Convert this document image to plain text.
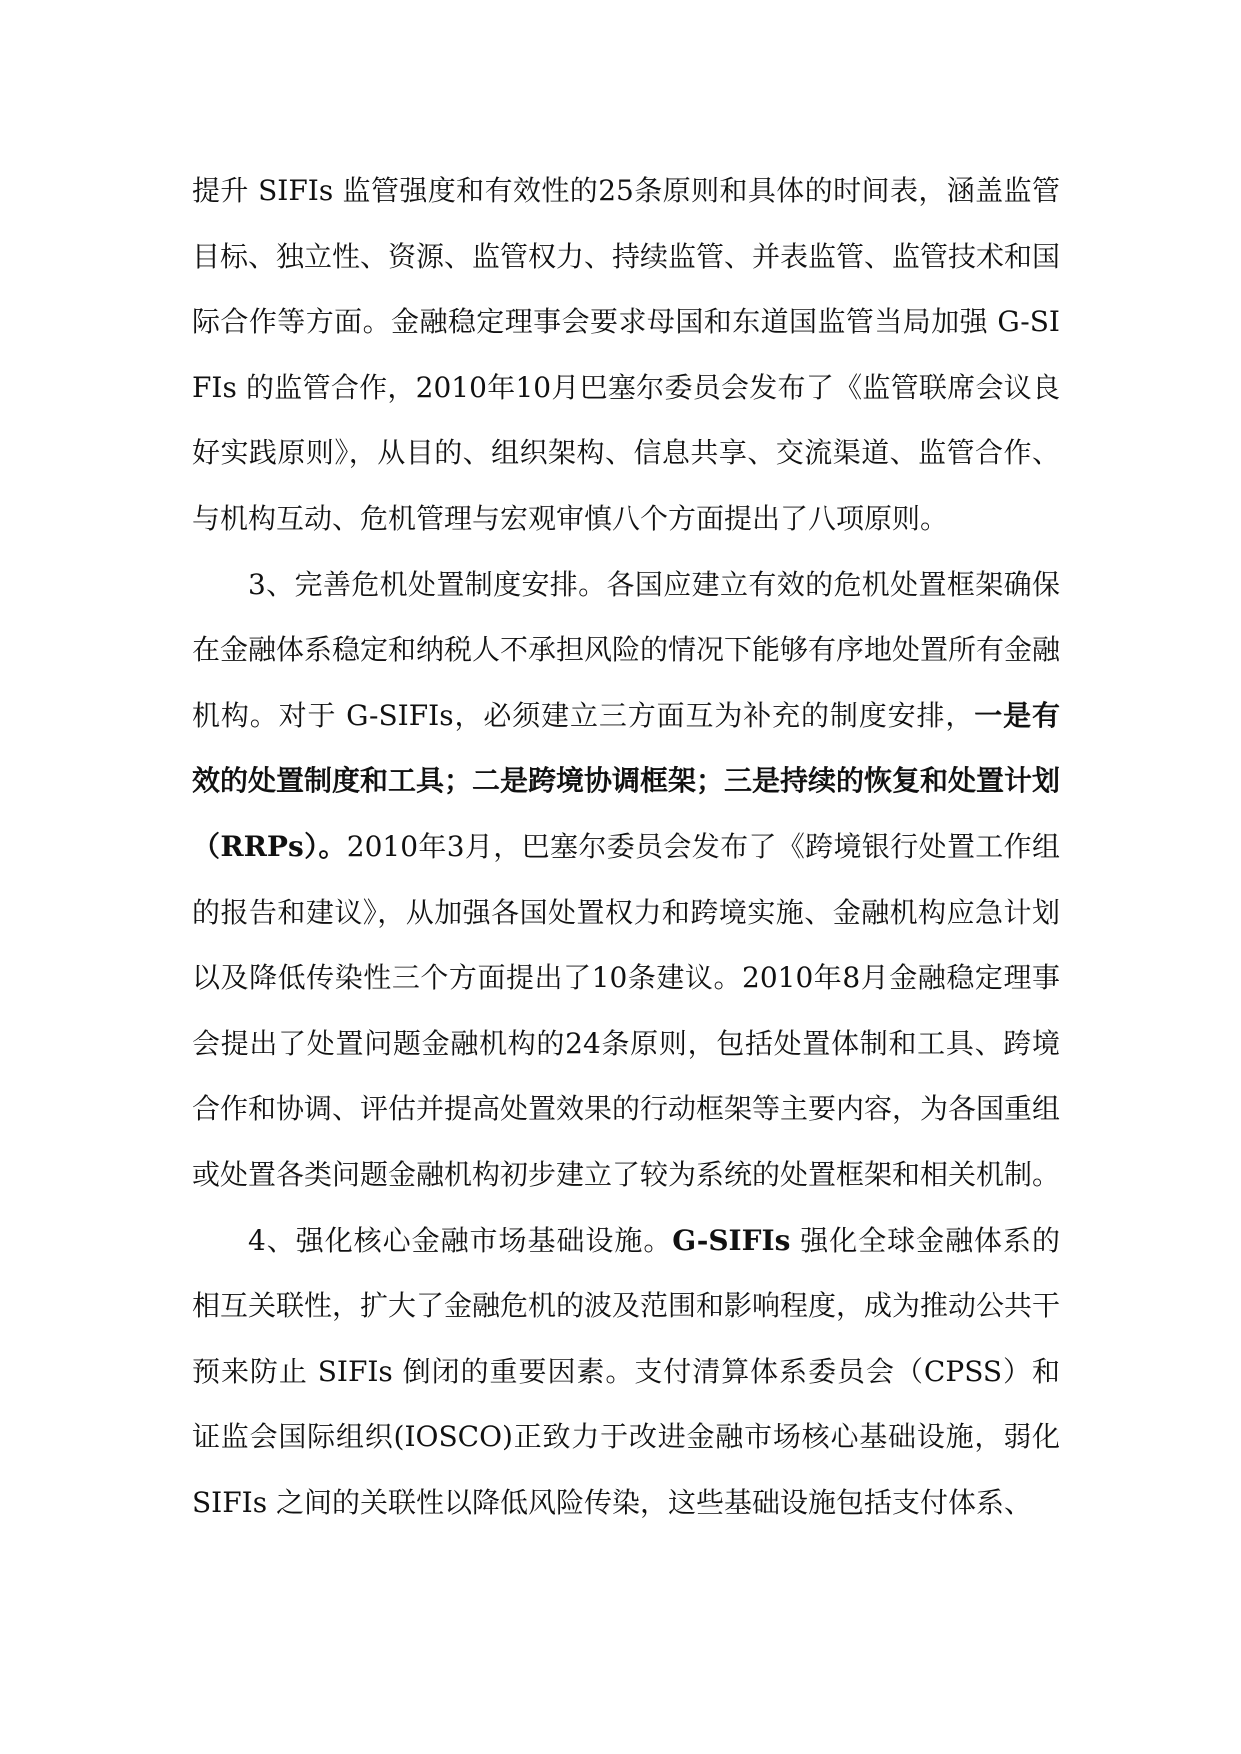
提升 SIFIs 监管强度和有效性的25条原则和具体的时间表，涵盖监管目标、独立性、资源、监管权力、持续监管、并表监管、监管技术和国际合作等方面。金融稳定理事会要求母国和东道国监管当局加强 G-SIFIs 的监管合作，2010年10月巴塞尔委员会发布了《监管联席会议良好实践原则》，从目的、组织架构、信息共享、交流渠道、监管合作、与机构互动、危机管理与宏观审慎八个方面提出了八项原则。

3、完善危机处置制度安排。各国应建立有效的危机处置框架确保在金融体系稳定和纳税人不承担风险的情况下能够有序地处置所有金融机构。对于 G-SIFIs，必须建立三方面互为补充的制度安排，一是有效的处置制度和工具；二是跨境协调框架；三是持续的恢复和处置计划（RRPs）。2010年3月，巴塞尔委员会发布了《跨境银行处置工作组的报告和建议》，从加强各国处置权力和跨境实施、金融机构应急计划以及降低传染性三个方面提出了10条建议。2010年8月金融稳定理事会提出了处置问题金融机构的24条原则，包括处置体制和工具、跨境合作和协调、评估并提高处置效果的行动框架等主要内容，为各国重组或处置各类问题金融机构初步建立了较为系统的处置框架和相关机制。

4、强化核心金融市场基础设施。G-SIFIs 强化全球金融体系的相互关联性，扩大了金融危机的波及范围和影响程度，成为推动公共干预来防止 SIFIs 倒闭的重要因素。支付清算体系委员会（CPSS）和证监会国际组织(IOSCO)正致力于改进金融市场核心基础设施，弱化 SIFIs 之间的关联性以降低风险传染，这些基础设施包括支付体系、
